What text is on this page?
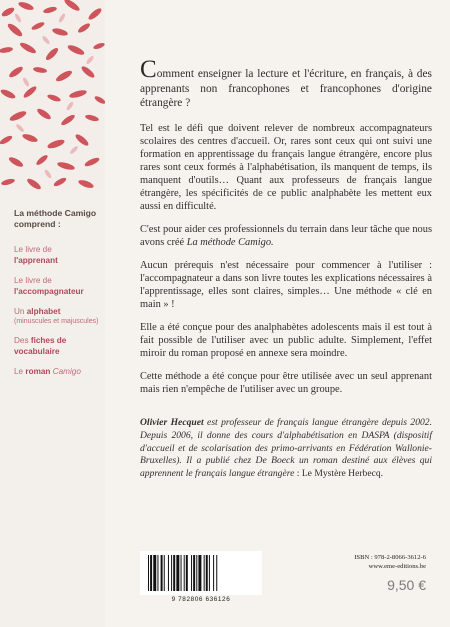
La méthode Camigo comprend :
Le livre de
l'apprenant
Le livre de
l'accompagnateur
Un alphabet
(minuscules et majuscules)
Des fiches de vocabulaire
Le roman Camigo

Comment enseigner la lecture et l'écriture, en français, à des apprenants non francophones et francophones d'origine étrangère ?

Tel est le défi que doivent relever de nombreux accompagnateurs scolaires des centres d'accueil. Or, rares sont ceux qui ont suivi une formation en apprentissage du français langue étrangère, encore plus rares sont ceux formés à l'alphabétisation, ils manquent de temps, ils manquent d'outils… Quant aux professeurs de français langue étrangère, les spécificités de ce public analphabète les mettent eux aussi en difficulté.

C'est pour aider ces professionnels du terrain dans leur tâche que nous avons créé La méthode Camigo.

Aucun prérequis n'est nécessaire pour commencer à l'utiliser : l'accompagnateur a dans son livre toutes les explications nécessaires à l'apprentissage, elles sont claires, simples… Une méthode « clé en main » !

Elle a été conçue pour des analphabètes adolescents mais il est tout à fait possible de l'utiliser avec un public adulte. Simplement, l'effet miroir du roman proposé en annexe sera moindre.

Cette méthode a été conçue pour être utilisée avec un seul apprenant mais rien n'empêche de l'utiliser avec un groupe.

Olivier Hecquet est professeur de français langue étrangère depuis 2002. Depuis 2006, il donne des cours d'alphabétisation en DASPA (dispositif d'accueil et de scolarisation des primo-arrivants en Fédération Wallonie-Bruxelles). Il a publié chez De Boeck un roman destiné aux élèves qui apprennent le français langue étrangère : Le Mystère Herbecq.
9 782806 636126
ISBN : 978-2-8066-3612-6
www.eme-editions.be
9,50 €
